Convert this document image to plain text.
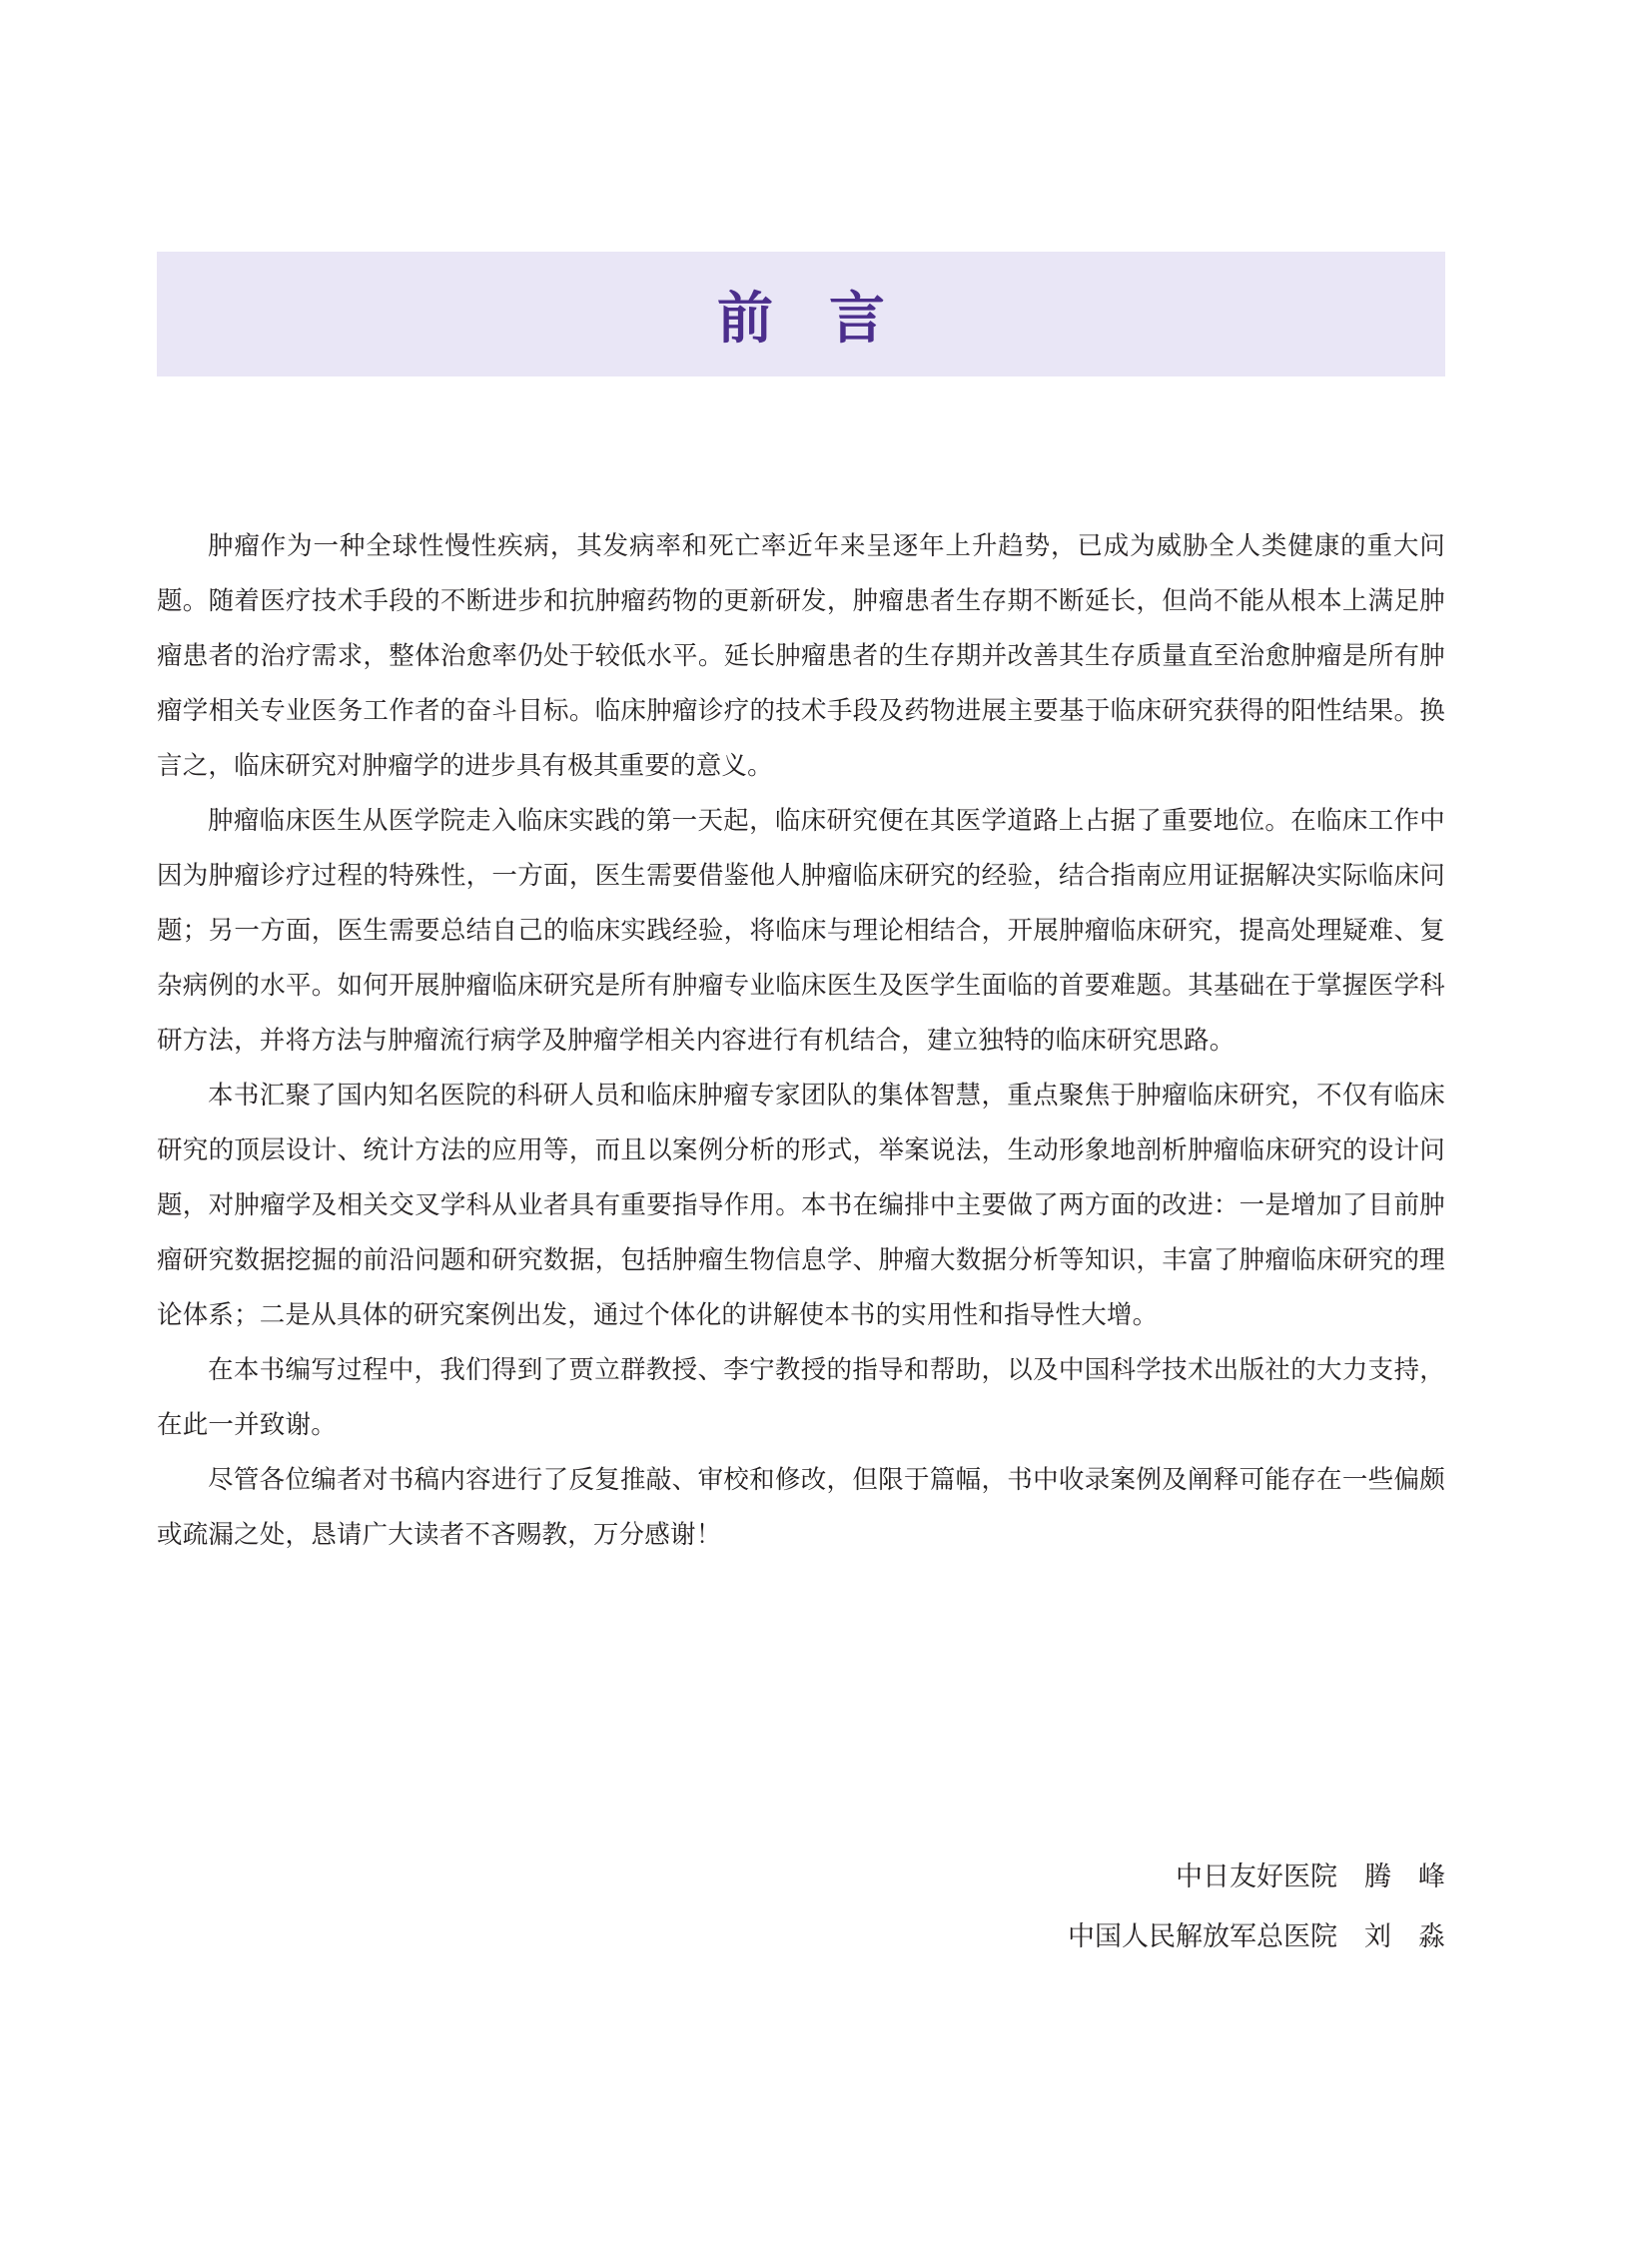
前　言

肿瘤作为一种全球性慢性疾病，其发病率和死亡率近年来呈逐年上升趋势，已成为威胁全人类健康的重大问题。随着医疗技术手段的不断进步和抗肿瘤药物的更新研发，肿瘤患者生存期不断延长，但尚不能从根本上满足肿瘤患者的治疗需求，整体治愈率仍处于较低水平。延长肿瘤患者的生存期并改善其生存质量直至治愈肿瘤是所有肿瘤学相关专业医务工作者的奋斗目标。临床肿瘤诊疗的技术手段及药物进展主要基于临床研究获得的阳性结果。换言之，临床研究对肿瘤学的进步具有极其重要的意义。

肿瘤临床医生从医学院走入临床实践的第一天起，临床研究便在其医学道路上占据了重要地位。在临床工作中因为肿瘤诊疗过程的特殊性，一方面，医生需要借鉴他人肿瘤临床研究的经验，结合指南应用证据解决实际临床问题；另一方面，医生需要总结自己的临床实践经验，将临床与理论相结合，开展肿瘤临床研究，提高处理疑难、复杂病例的水平。如何开展肿瘤临床研究是所有肿瘤专业临床医生及医学生面临的首要难题。其基础在于掌握医学科研方法，并将方法与肿瘤流行病学及肿瘤学相关内容进行有机结合，建立独特的临床研究思路。

本书汇聚了国内知名医院的科研人员和临床肿瘤专家团队的集体智慧，重点聚焦于肿瘤临床研究，不仅有临床研究的顶层设计、统计方法的应用等，而且以案例分析的形式，举案说法，生动形象地剖析肿瘤临床研究的设计问题，对肿瘤学及相关交叉学科从业者具有重要指导作用。本书在编排中主要做了两方面的改进：一是增加了目前肿瘤研究数据挖掘的前沿问题和研究数据，包括肿瘤生物信息学、肿瘤大数据分析等知识，丰富了肿瘤临床研究的理论体系；二是从具体的研究案例出发，通过个体化的讲解使本书的实用性和指导性大增。

在本书编写过程中，我们得到了贾立群教授、李宁教授的指导和帮助，以及中国科学技术出版社的大力支持，在此一并致谢。

尽管各位编者对书稿内容进行了反复推敲、审校和修改，但限于篇幅，书中收录案例及阐释可能存在一些偏颇或疏漏之处，恳请广大读者不吝赐教，万分感谢！

中日友好医院　腾　峰
中国人民解放军总医院　刘　淼
